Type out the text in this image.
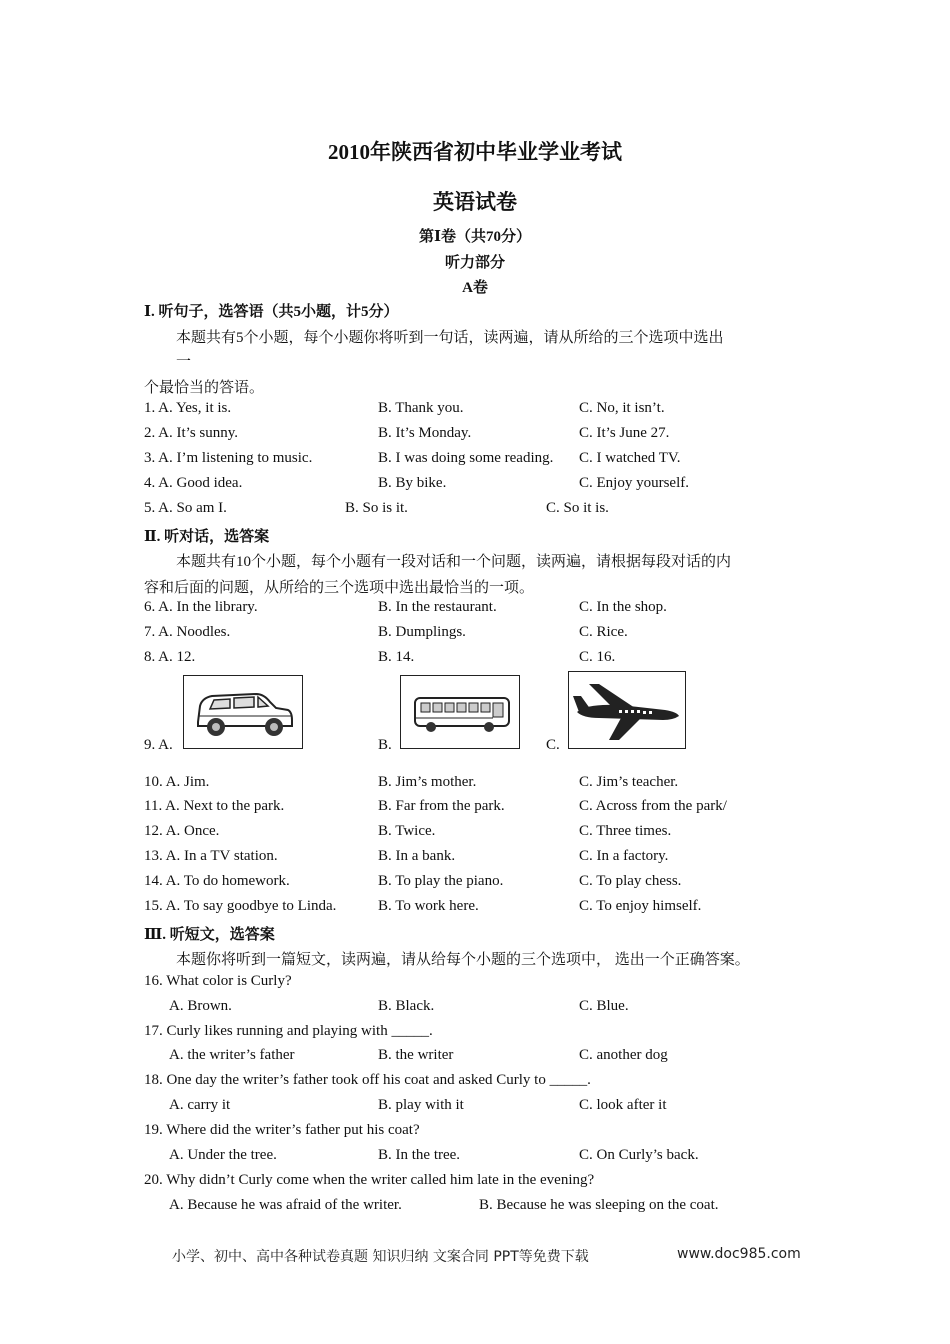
2010年陕西省初中毕业学业考试
英语试卷
第Ⅰ卷（共70分）
听力部分
A卷
Ⅰ. 听句子，选答语（共5小题，计5分）
本题共有5个小题，每个小题你将听到一句话，读两遍，请从所给的三个选项中选出
一
个最恰当的答语。
1. A. Yes, it is.	B. Thank you.	C. No, it isn’t.
2. A. It’s sunny.	B. It’s Monday.	C. It’s June 27.
3. A. I’m listening to music.	B. I was doing some reading. C. I watched TV.
4. A. Good idea.	B. By bike.	C. Enjoy yourself.
5. A. So am I.	B. So is it.	C. So it is.
Ⅱ. 听对话，选答案
本题共有10个小题，每个小题有一段对话和一个问题，读两遍，请根据每段对话的内
容和后面的问题，从所给的三个选项中选出最恰当的一项。
6. A. In the library.	B. In the restaurant.	C. In the shop.
7. A. Noodles.	B. Dumplings.	C. Rice.
8. A. 12.	B. 14.	C. 16.
9. A.	B.	C.
10. A. Jim.	B. Jim’s mother.	C. Jim’s teacher.
11. A. Next to the park.	B. Far from the park.	C. Across from the park/
12. A. Once.	B. Twice.	C. Three times.
13. A. In a TV station.	B. In a bank.	C. In a factory.
14. A. To do homework.	B. To play the piano.	C. To play chess.
15. A. To say goodbye to Linda.	B. To work here.	C. To enjoy himself.
Ⅲ. 听短文，选答案
本题你将听到一篇短文，读两遍，请从给每个小题的三个选项中， 选出一个正确答案。
16. What color is Curly?
A. Brown.	B. Black.	C. Blue.
17. Curly likes running and playing with _____.
A. the writer’s father	B. the writer	C. another dog
18. One day the writer’s father took off his coat and asked Curly to _____.
A. carry it	B. play with it	C. look after it
19. Where did the writer’s father put his coat?
A. Under the tree.	B. In the tree.	C. On Curly’s back.
20. Why didn’t Curly come when the writer called him late in the evening?
A. Because he was afraid of the writer.	B. Because he was sleeping on the coat.
小学、初中、高中各种试卷真题 知识归纳 文案合同 PPT等免费下载	www.doc985.com
